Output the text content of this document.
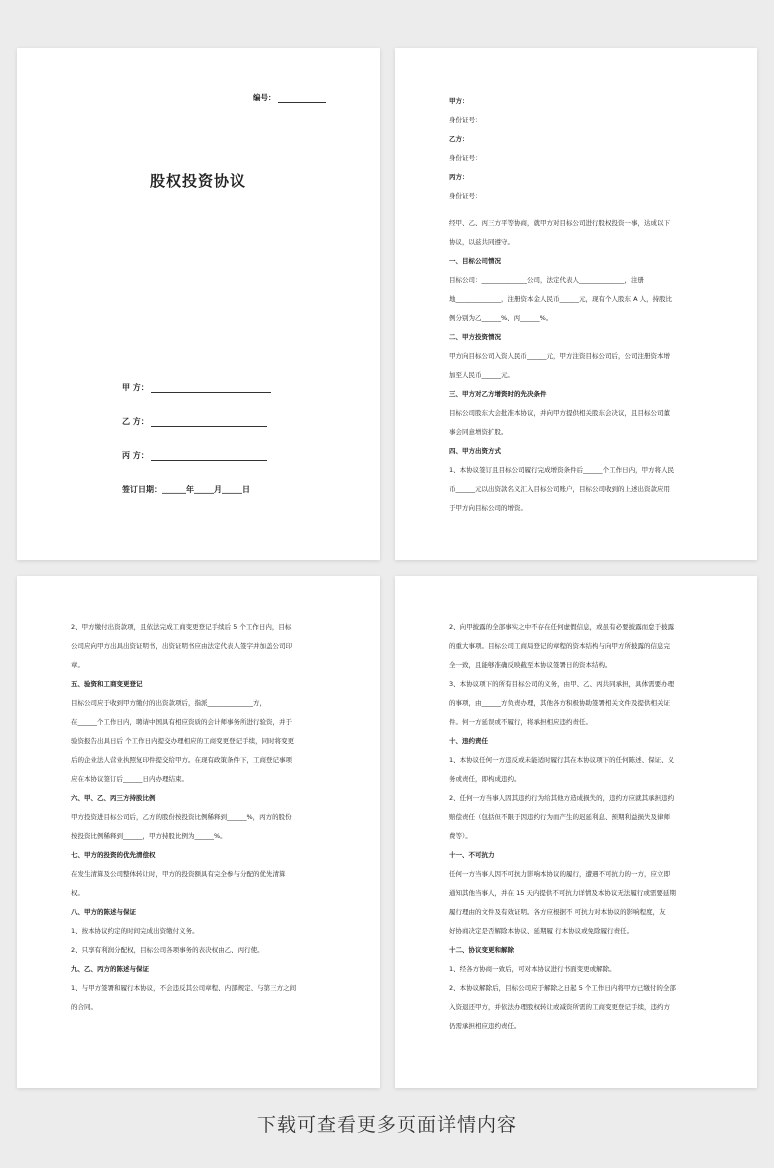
编号：
股权投资协议
甲 方：
乙 方：
丙 方：
签订日期：______年_____月_____日

甲方：

身份证号：

乙方：

身份证号：

丙方：

身份证号：

经甲、乙、丙三方平等协商，就甲方对目标公司进行股权投资一事，达成以下

协议，以兹共同遵守。

一、目标公司情况

目标公司：______________公司，法定代表人______________，注册

地______________，注册资本金人民币______元，现有个人股东 A 人，持股比

例分别为乙______%、丙______%。

二、甲方投资情况

甲方向目标公司入资人民币______元，甲方注资目标公司后，公司注册资本增

加至人民币______元。

三、甲方对乙方增资时的先决条件

目标公司股东大会批准本协议，并向甲方提供相关股东会决议，且目标公司董

事会同意增资扩股。

四、甲方出资方式

1、本协议签订且目标公司履行完成增资条件后______个工作日内，甲方将人民

币______元以出资款名义汇入目标公司账户，目标公司收到的上述出资款应用

于甲方向目标公司的增资。

2、甲方缴付出资款项，且依法完成工商变更登记手续后 5 个工作日内，目标

公司应向甲方出具出资证明书，出资证明书应由法定代表人签字并加盖公司印

章。

五、验资和工商变更登记

目标公司应于收到甲方缴付的出资款项后，指派______________方，

在______个工作日内，聘请中国具有相应资质的会计师事务所进行验资，并于

验资报告出具日后 个工作日内提交办理相应的工商变更登记手续，同时将变更

后的企业法人营业执照复印件提交给甲方。在现有政策条件下，工商登记事项

应在本协议签订后______日内办理结束。

六、甲、乙、丙三方持股比例

甲方投资进目标公司后，乙方的股份按投资比例稀释到______%，丙方的股份

按投资比例稀释到______，甲方持股比例为______%。

七、甲方的投资的优先清偿权

在发生清算及公司整体转让时，甲方的投资额具有完全参与分配的优先清算

权。

八、甲方的陈述与保证

1、按本协议约定的时间完成出资缴付义务。

2、只享有利润分配权，目标公司各项事务的表决权由乙、丙行使。

九、乙、丙方的陈述与保证

1、与甲方签署和履行本协议，不会违反其公司章程、内部规定、与第三方之间

的合同。

2、向甲披露的全部事实之中不存在任何虚假信息，或虽有必要披露而怠于披露

的重大事项。目标公司工商局登记的章程的资本结构与向甲方所披露的信息完

全一致，且能够准确反映截至本协议签署日的资本结构。

3、本协议项下的所有目标公司的义务，由甲、乙、丙共同承担，具体需要办理

的事项，由______方负责办理，其他各方积极协助签署相关文件及提供相关证

件。何一方延误或不履行，将承担相应违约责任。

十、违约责任

1、本协议任何一方违反或未能适时履行其在本协议项下的任何陈述、保证、义

务或责任，即构成违约。

2、任何一方当事人因其违约行为给其他方造成损失的，违约方应就其承担违约

赔偿责任（包括但不限于因违约行为而产生的迟延利息、预期利益损失及律师

费等）。

十一、不可抗力

任何一方当事人因不可抗力影响本协议的履行，遭遇不可抗力的一方，应立即

通知其他当事人，并在 15 天内提供不可抗力详情及本协议无法履行或需要延期

履行理由的文件及有效证明。各方应根据不 可抗力对本协议的影响程度，友

好协商决定是否解除本协议、延期履 行本协议或免除履行责任。

十二、协议变更和解除

1、经各方协商一致后，可对本协议进行书面变更或解除。

2、本协议解除后，目标公司应于解除之日起 5 个工作日内将甲方已缴付的全部

入资退还甲方，并依法办理股权转让或减资所需的工商变更登记手续，违约方

仍需承担相应违约责任。

下载可查看更多页面详情内容
